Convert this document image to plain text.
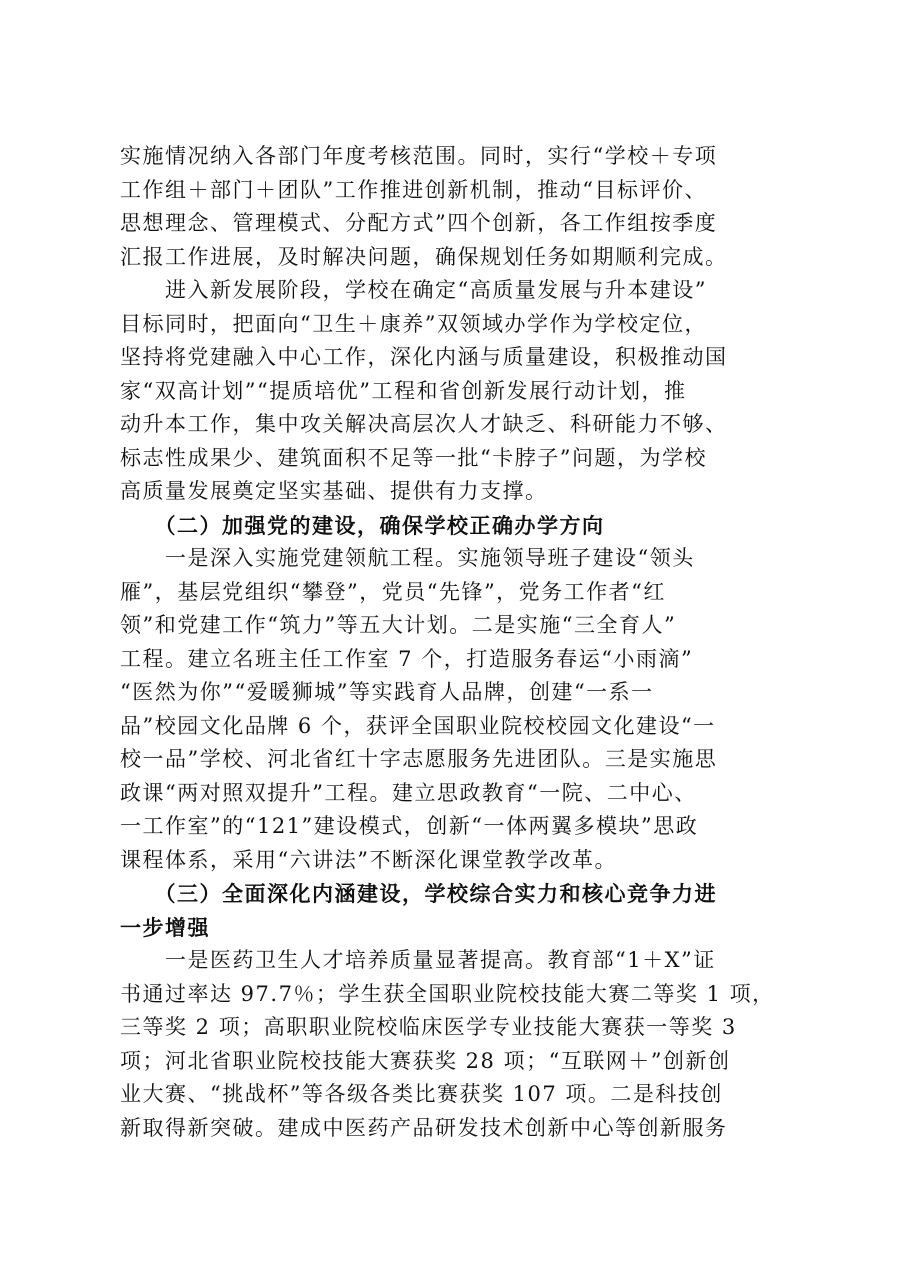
实施情况纳入各部门年度考核范围。同时，实行“学校＋专项
工作组＋部门＋团队”工作推进创新机制，推动“目标评价、
思想理念、管理模式、分配方式”四个创新，各工作组按季度
汇报工作进展，及时解决问题，确保规划任务如期顺利完成。
　　进入新发展阶段，学校在确定“高质量发展与升本建设”
目标同时，把面向“卫生＋康养”双领域办学作为学校定位，
坚持将党建融入中心工作，深化内涵与质量建设，积极推动国
家“双高计划”“提质培优”工程和省创新发展行动计划，推
动升本工作，集中攻关解决高层次人才缺乏、科研能力不够、
标志性成果少、建筑面积不足等一批“卡脖子”问题，为学校
高质量发展奠定坚实基础、提供有力支撑。
　　（二）加强党的建设，确保学校正确办学方向
　　一是深入实施党建领航工程。实施领导班子建设“领头
雁”，基层党组织“攀登”，党员“先锋”，党务工作者“红
领”和党建工作“筑力”等五大计划。二是实施“三全育人”
工程。建立名班主任工作室 7 个，打造服务春运“小雨滴”
“医然为你”“爱暖狮城”等实践育人品牌，创建“一系一
品”校园文化品牌 6 个，获评全国职业院校校园文化建设“一
校一品”学校、河北省红十字志愿服务先进团队。三是实施思
政课“两对照双提升”工程。建立思政教育“一院、二中心、
一工作室”的“121”建设模式，创新“一体两翼多模块”思政
课程体系，采用“六讲法”不断深化课堂教学改革。
　　（三）全面深化内涵建设，学校综合实力和核心竞争力进
一步增强
　　一是医药卫生人才培养质量显著提高。教育部“1＋X”证
书通过率达 97.7％；学生获全国职业院校技能大赛二等奖 1 项，
三等奖 2 项；高职职业院校临床医学专业技能大赛获一等奖 3
项；河北省职业院校技能大赛获奖 28 项；“互联网＋”创新创
业大赛、“挑战杯”等各级各类比赛获奖 107 项。二是科技创
新取得新突破。建成中医药产品研发技术创新中心等创新服务
